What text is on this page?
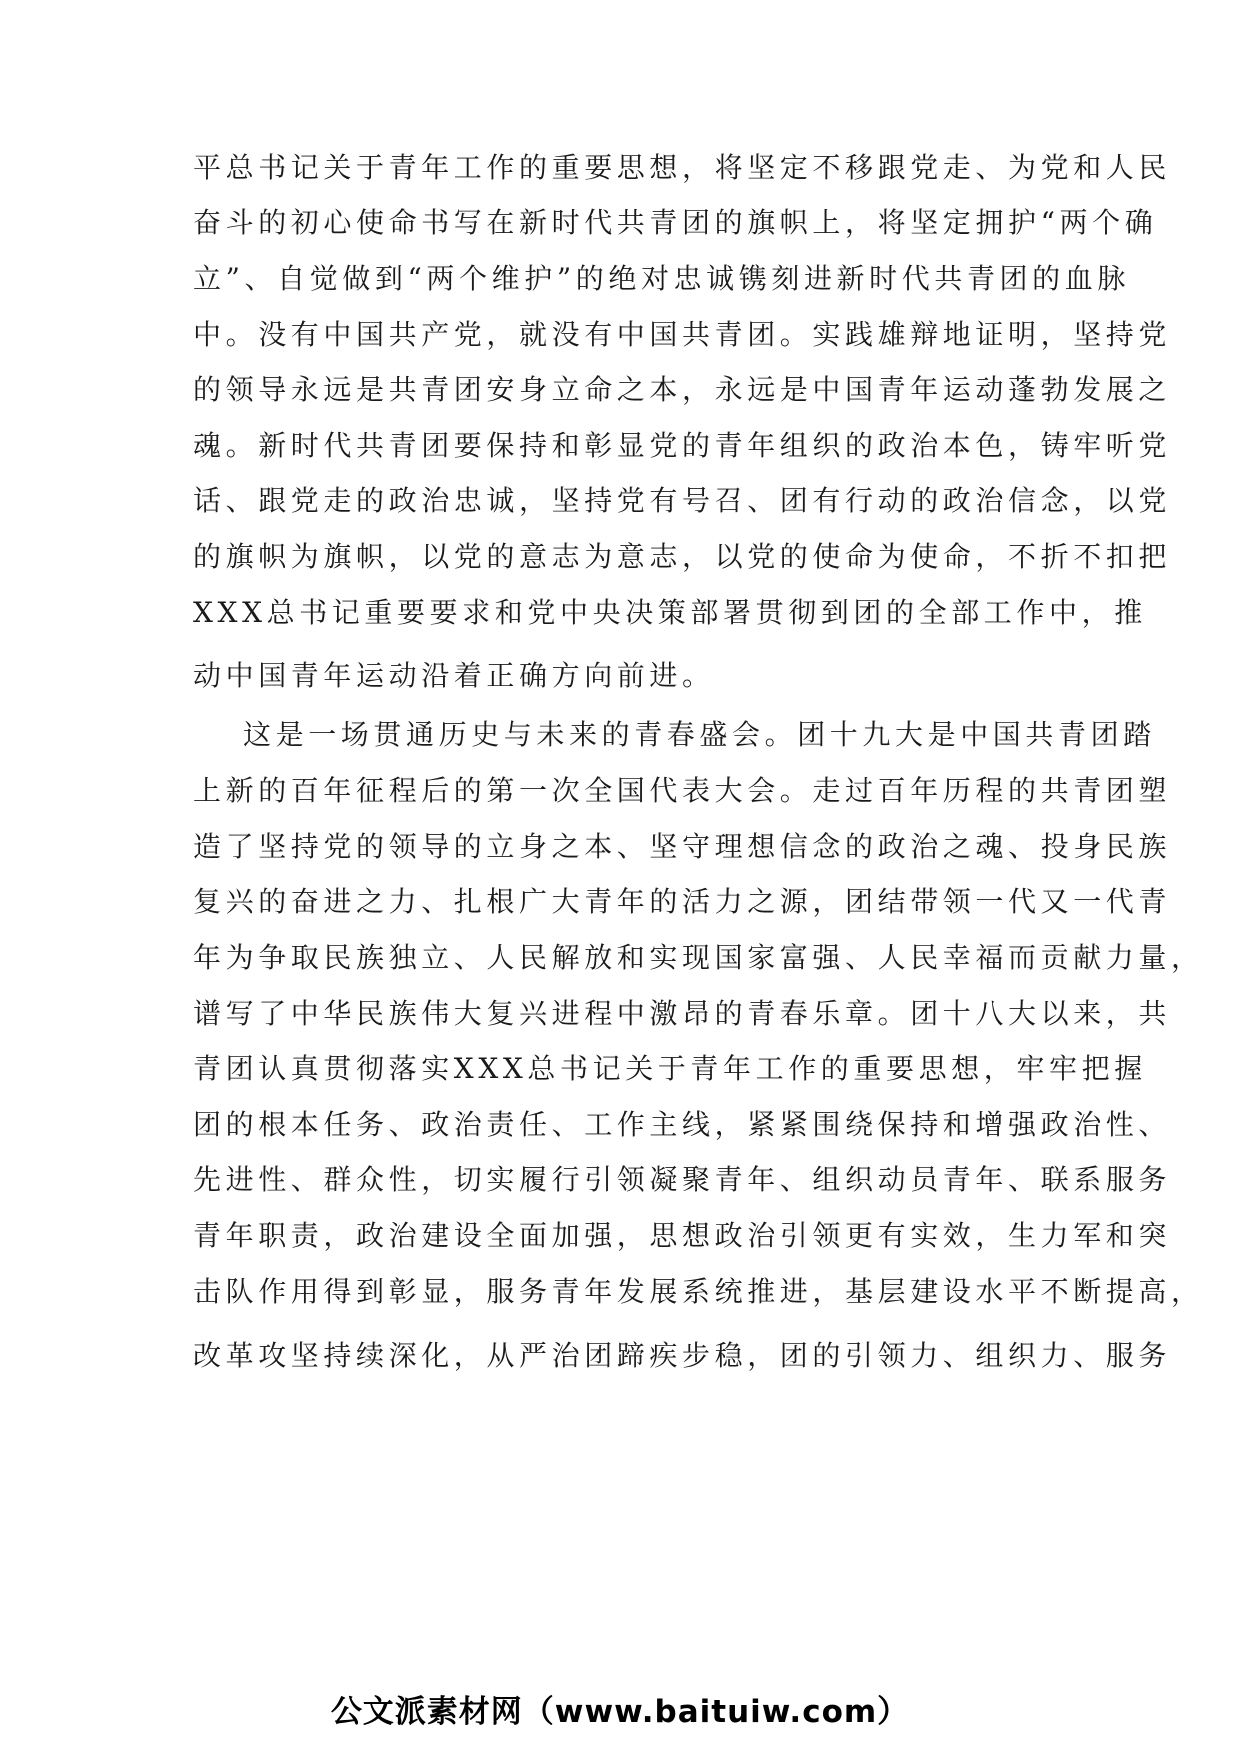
平总书记关于青年工作的重要思想，将坚定不移跟党走、为党和人民
奋斗的初心使命书写在新时代共青团的旗帜上，将坚定拥护“两个确
立”、自觉做到“两个维护”的绝对忠诚镌刻进新时代共青团的血脉
中。没有中国共产党，就没有中国共青团。实践雄辩地证明，坚持党
的领导永远是共青团安身立命之本，永远是中国青年运动蓬勃发展之
魂。新时代共青团要保持和彰显党的青年组织的政治本色，铸牢听党
话、跟党走的政治忠诚，坚持党有号召、团有行动的政治信念，以党
的旗帜为旗帜，以党的意志为意志，以党的使命为使命，不折不扣把
XXX总书记重要要求和党中央决策部署贯彻到团的全部工作中，推
动中国青年运动沿着正确方向前进。
这是一场贯通历史与未来的青春盛会。团十九大是中国共青团踏
上新的百年征程后的第一次全国代表大会。走过百年历程的共青团塑
造了坚持党的领导的立身之本、坚守理想信念的政治之魂、投身民族
复兴的奋进之力、扎根广大青年的活力之源，团结带领一代又一代青
年为争取民族独立、人民解放和实现国家富强、人民幸福而贡献力量，
谱写了中华民族伟大复兴进程中激昂的青春乐章。团十八大以来，共
青团认真贯彻落实XXX总书记关于青年工作的重要思想，牢牢把握
团的根本任务、政治责任、工作主线，紧紧围绕保持和增强政治性、
先进性、群众性，切实履行引领凝聚青年、组织动员青年、联系服务
青年职责，政治建设全面加强，思想政治引领更有实效，生力军和突
击队作用得到彰显，服务青年发展系统推进，基层建设水平不断提高，
改革攻坚持续深化，从严治团蹄疾步稳，团的引领力、组织力、服务
公文派素材网（www.baituiw.com）
